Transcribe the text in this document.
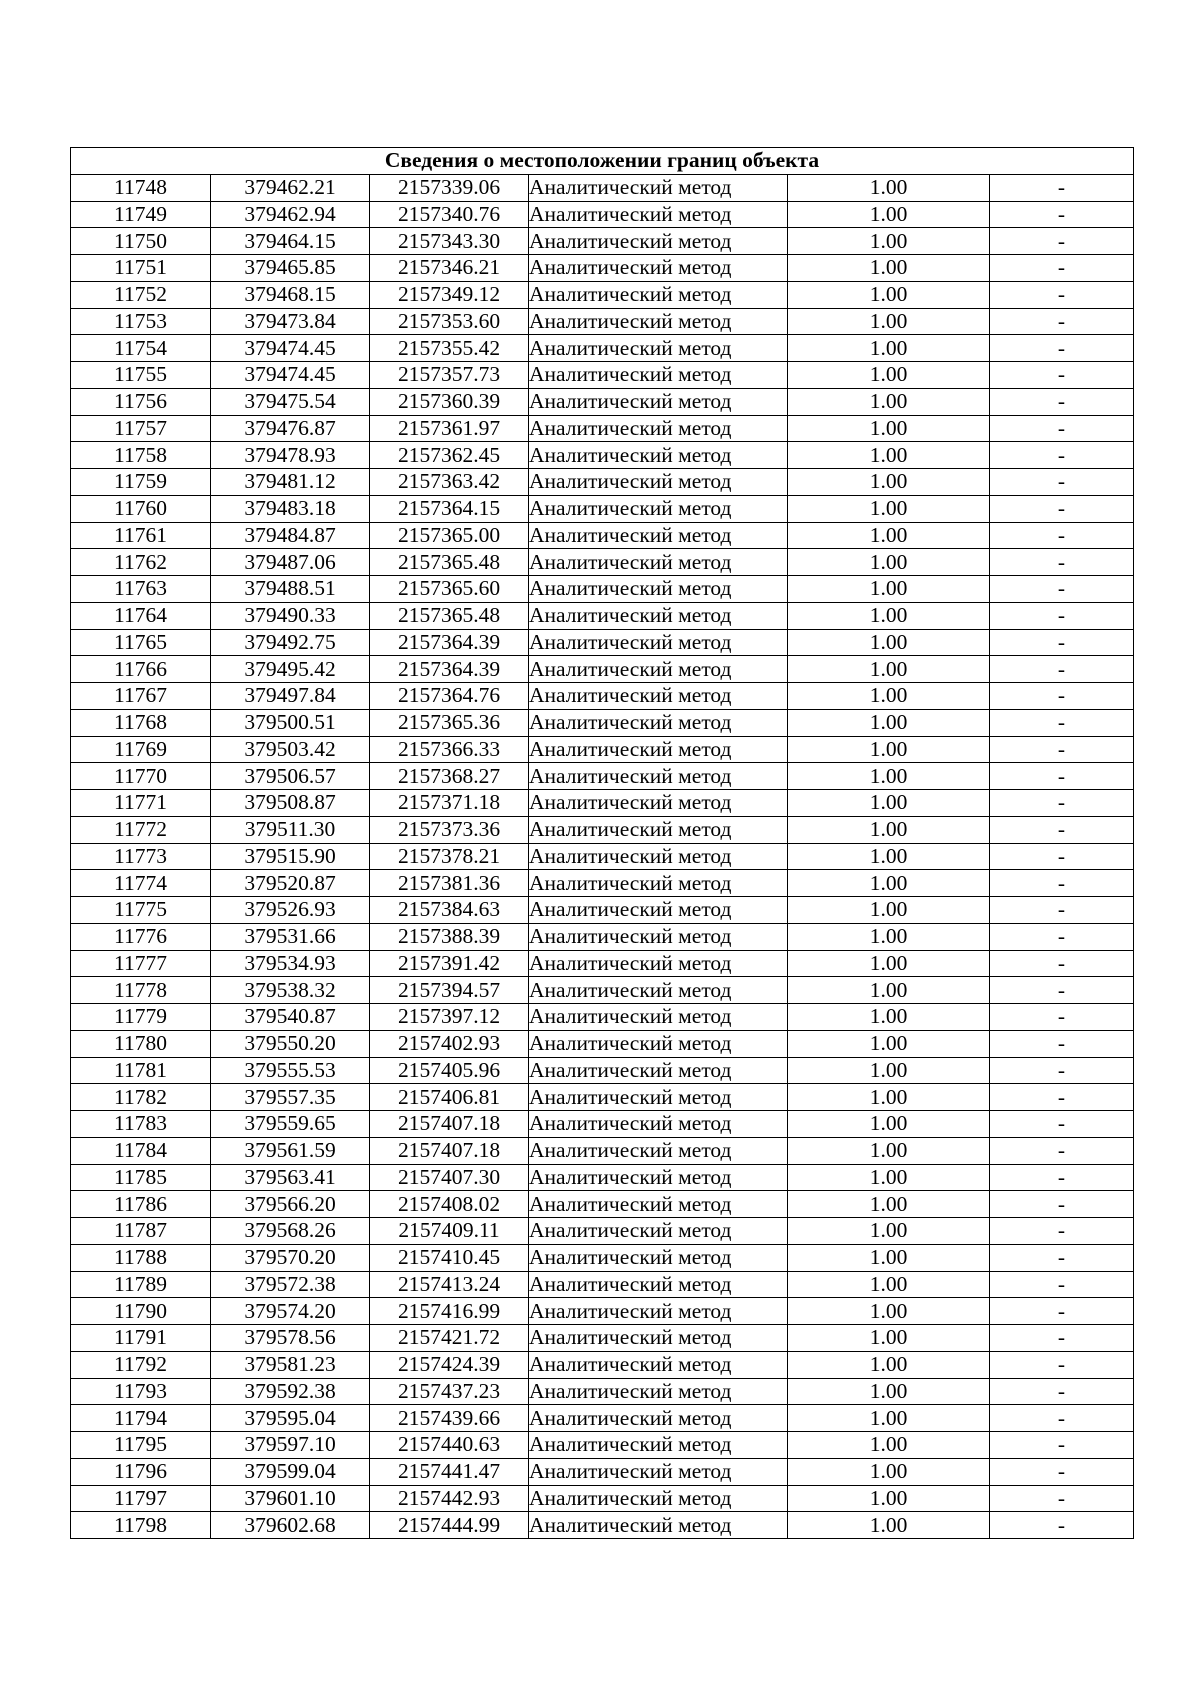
Сведения о местоположении границ объекта					
11748	379462.21	2157339.06	Аналитический метод	1.00	-
11749	379462.94	2157340.76	Аналитический метод	1.00	-
11750	379464.15	2157343.30	Аналитический метод	1.00	-
11751	379465.85	2157346.21	Аналитический метод	1.00	-
11752	379468.15	2157349.12	Аналитический метод	1.00	-
11753	379473.84	2157353.60	Аналитический метод	1.00	-
11754	379474.45	2157355.42	Аналитический метод	1.00	-
11755	379474.45	2157357.73	Аналитический метод	1.00	-
11756	379475.54	2157360.39	Аналитический метод	1.00	-
11757	379476.87	2157361.97	Аналитический метод	1.00	-
11758	379478.93	2157362.45	Аналитический метод	1.00	-
11759	379481.12	2157363.42	Аналитический метод	1.00	-
11760	379483.18	2157364.15	Аналитический метод	1.00	-
11761	379484.87	2157365.00	Аналитический метод	1.00	-
11762	379487.06	2157365.48	Аналитический метод	1.00	-
11763	379488.51	2157365.60	Аналитический метод	1.00	-
11764	379490.33	2157365.48	Аналитический метод	1.00	-
11765	379492.75	2157364.39	Аналитический метод	1.00	-
11766	379495.42	2157364.39	Аналитический метод	1.00	-
11767	379497.84	2157364.76	Аналитический метод	1.00	-
11768	379500.51	2157365.36	Аналитический метод	1.00	-
11769	379503.42	2157366.33	Аналитический метод	1.00	-
11770	379506.57	2157368.27	Аналитический метод	1.00	-
11771	379508.87	2157371.18	Аналитический метод	1.00	-
11772	379511.30	2157373.36	Аналитический метод	1.00	-
11773	379515.90	2157378.21	Аналитический метод	1.00	-
11774	379520.87	2157381.36	Аналитический метод	1.00	-
11775	379526.93	2157384.63	Аналитический метод	1.00	-
11776	379531.66	2157388.39	Аналитический метод	1.00	-
11777	379534.93	2157391.42	Аналитический метод	1.00	-
11778	379538.32	2157394.57	Аналитический метод	1.00	-
11779	379540.87	2157397.12	Аналитический метод	1.00	-
11780	379550.20	2157402.93	Аналитический метод	1.00	-
11781	379555.53	2157405.96	Аналитический метод	1.00	-
11782	379557.35	2157406.81	Аналитический метод	1.00	-
11783	379559.65	2157407.18	Аналитический метод	1.00	-
11784	379561.59	2157407.18	Аналитический метод	1.00	-
11785	379563.41	2157407.30	Аналитический метод	1.00	-
11786	379566.20	2157408.02	Аналитический метод	1.00	-
11787	379568.26	2157409.11	Аналитический метод	1.00	-
11788	379570.20	2157410.45	Аналитический метод	1.00	-
11789	379572.38	2157413.24	Аналитический метод	1.00	-
11790	379574.20	2157416.99	Аналитический метод	1.00	-
11791	379578.56	2157421.72	Аналитический метод	1.00	-
11792	379581.23	2157424.39	Аналитический метод	1.00	-
11793	379592.38	2157437.23	Аналитический метод	1.00	-
11794	379595.04	2157439.66	Аналитический метод	1.00	-
11795	379597.10	2157440.63	Аналитический метод	1.00	-
11796	379599.04	2157441.47	Аналитический метод	1.00	-
11797	379601.10	2157442.93	Аналитический метод	1.00	-
11798	379602.68	2157444.99	Аналитический метод	1.00	-
